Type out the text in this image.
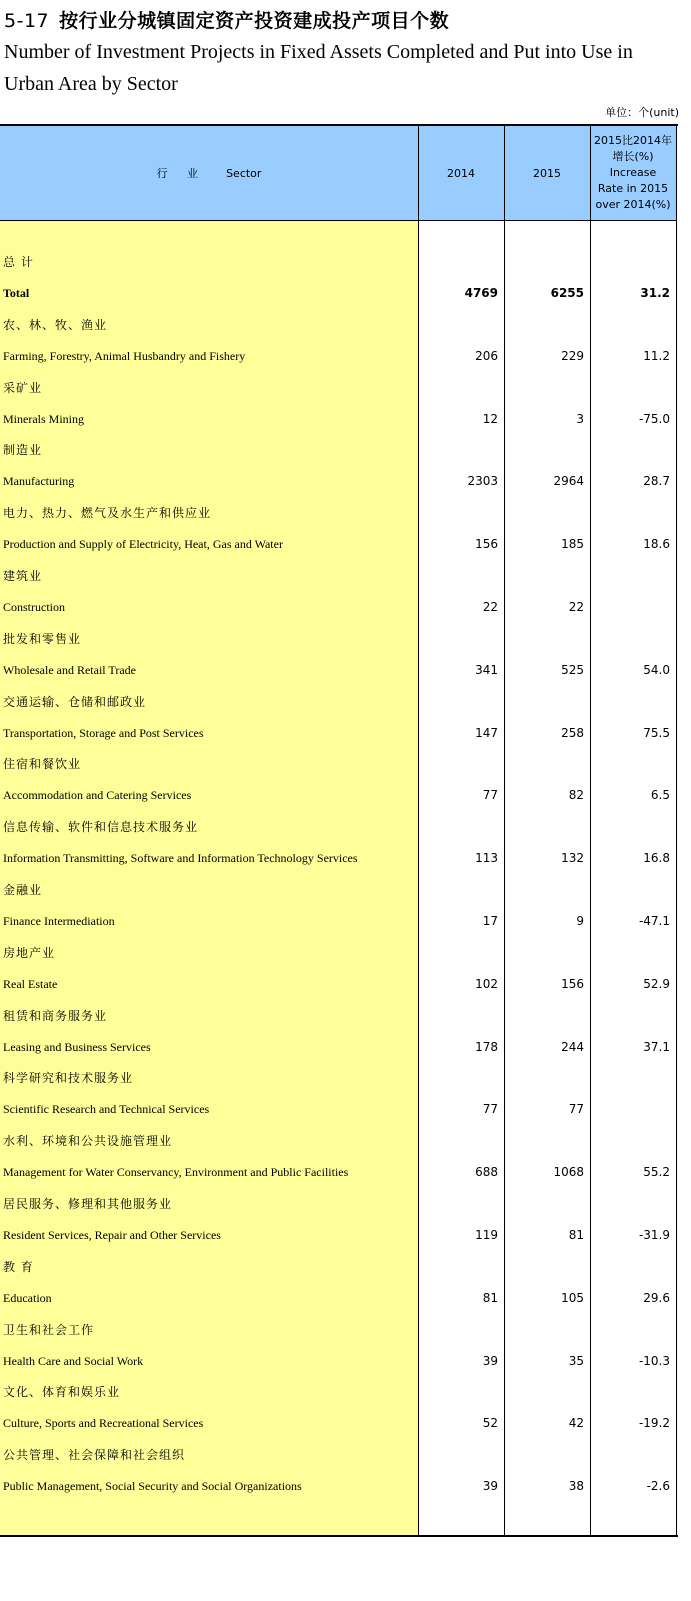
5-17 按行业分城镇固定资产投资建成投产项目个数
Number of Investment Projects in Fixed Assets Completed and Put into Use in Urban Area by Sector
单位：个(unit)
行 业 Sector	2014	2015
2015比2014年
增长(%)
Increase
Rate in 2015
over 2014(%)
总 计
Total	4769	6255	31.2
农、林、牧、渔业
Farming, Forestry, Animal Husbandry and Fishery	206	229	11.2
采矿业
Minerals Mining	12	3	-75.0
制造业
Manufacturing	2303	2964	28.7
电力、热力、燃气及水生产和供应业
Production and Supply of Electricity, Heat, Gas and Water	156	185	18.6
建筑业
Construction	22	22
批发和零售业
Wholesale and Retail Trade	341	525	54.0
交通运输、仓储和邮政业
Transportation, Storage and Post Services	147	258	75.5
住宿和餐饮业
Accommodation and Catering Services	77	82	6.5
信息传输、软件和信息技术服务业
Information Transmitting, Software and Information Technology Services	113	132	16.8
金融业
Finance Intermediation	17	9	-47.1
房地产业
Real Estate	102	156	52.9
租赁和商务服务业
Leasing and Business Services	178	244	37.1
科学研究和技术服务业
Scientific Research and Technical Services	77	77
水利、环境和公共设施管理业
Management for Water Conservancy, Environment and Public Facilities	688	1068	55.2
居民服务、修理和其他服务业
Resident Services, Repair and Other Services	119	81	-31.9
教 育
Education	81	105	29.6
卫生和社会工作
Health Care and Social Work	39	35	-10.3
文化、体育和娱乐业
Culture, Sports and Recreational Services	52	42	-19.2
公共管理、社会保障和社会组织
Public Management, Social Security and Social Organizations	39	38	-2.6
